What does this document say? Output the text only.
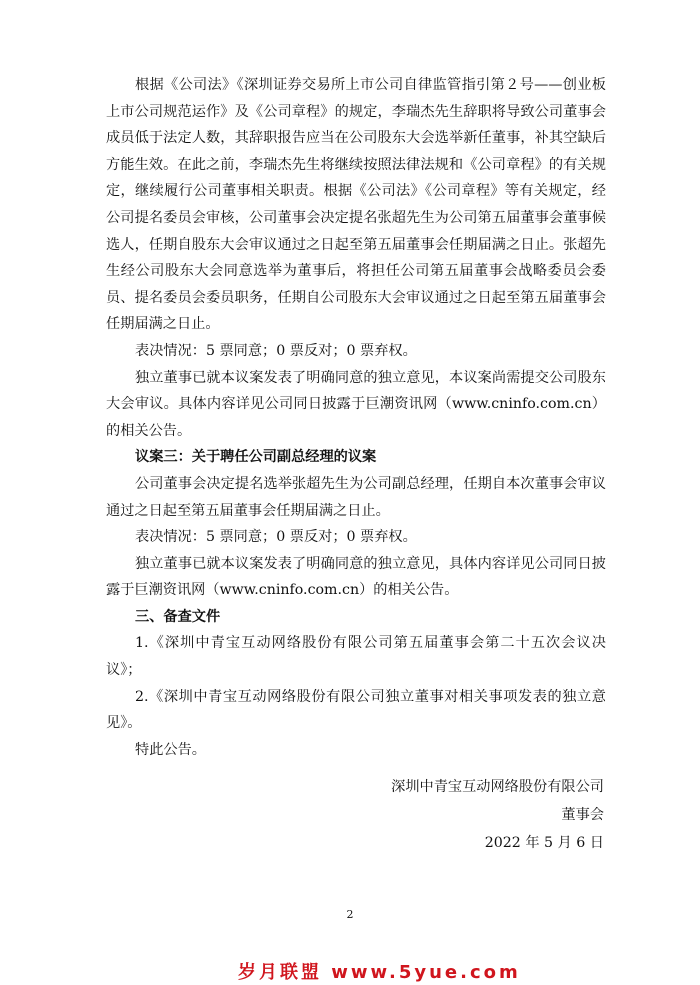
根据《公司法》《深圳证券交易所上市公司自律监管指引第２号——创业板上市公司规范运作》及《公司章程》的规定，李瑞杰先生辞职将导致公司董事会成员低于法定人数，其辞职报告应当在公司股东大会选举新任董事，补其空缺后方能生效。在此之前，李瑞杰先生将继续按照法律法规和《公司章程》的有关规定，继续履行公司董事相关职责。根据《公司法》《公司章程》等有关规定，经公司提名委员会审核，公司董事会决定提名张超先生为公司第五届董事会董事候选人，任期自股东大会审议通过之日起至第五届董事会任期届满之日止。张超先生经公司股东大会同意选举为董事后，将担任公司第五届董事会战略委员会委员、提名委员会委员职务，任期自公司股东大会审议通过之日起至第五届董事会任期届满之日止。

表决情况：5 票同意；0 票反对；0 票弃权。

独立董事已就本议案发表了明确同意的独立意见，本议案尚需提交公司股东大会审议。具体内容详见公司同日披露于巨潮资讯网（www.cninfo.com.cn）的相关公告。

议案三：关于聘任公司副总经理的议案

公司董事会决定提名选举张超先生为公司副总经理，任期自本次董事会审议通过之日起至第五届董事会任期届满之日止。

表决情况：5 票同意；0 票反对；0 票弃权。

独立董事已就本议案发表了明确同意的独立意见，具体内容详见公司同日披露于巨潮资讯网（www.cninfo.com.cn）的相关公告。

三、备查文件

1.《深圳中青宝互动网络股份有限公司第五届董事会第二十五次会议决议》；

2.《深圳中青宝互动网络股份有限公司独立董事对相关事项发表的独立意见》。

特此公告。

深圳中青宝互动网络股份有限公司
董事会
2022 年 5 月 6 日
2
岁月联盟 www.5yue.com
